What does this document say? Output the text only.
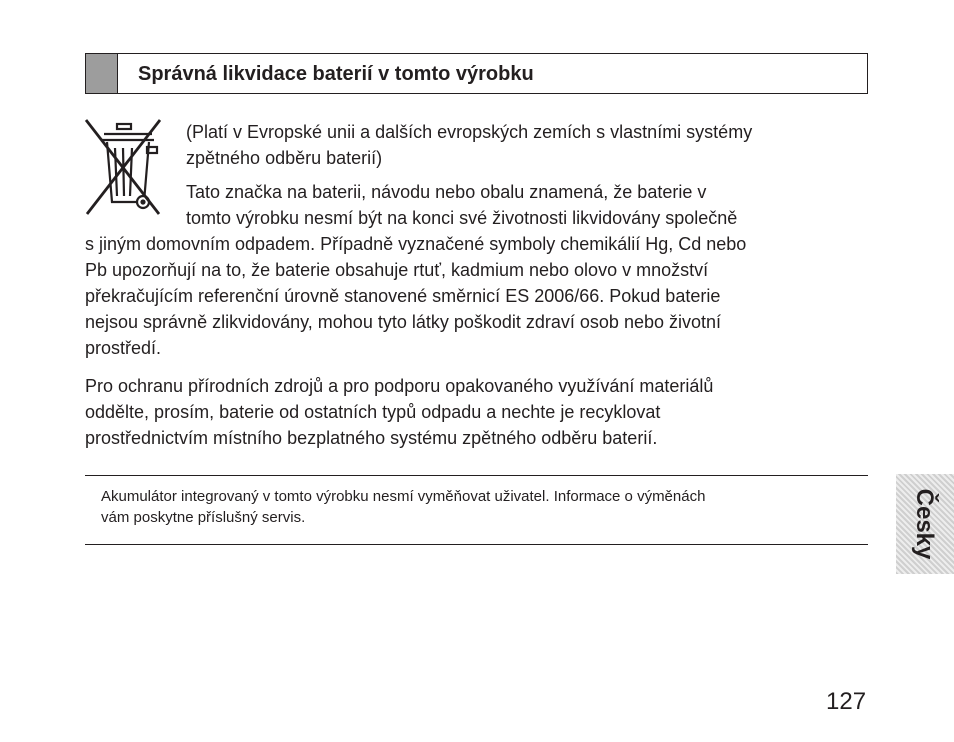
Správná likvidace baterií v tomto výrobku
(Platí v Evropské unii a dalších evropských zemích s vlastními systémy
zpětného odběru baterií)
Tato značka na baterii, návodu nebo obalu znamená, že baterie v
tomto výrobku nesmí být na konci své životnosti likvidovány společně
s jiným domovním odpadem. Případně vyznačené symboly chemikálií Hg, Cd nebo
Pb upozorňují na to, že baterie obsahuje rtuť, kadmium nebo olovo v množství
překračujícím referenční úrovně stanovené směrnicí ES 2006/66. Pokud baterie
nejsou správně zlikvidovány, mohou tyto látky poškodit zdraví osob nebo životní
prostředí.
Pro ochranu přírodních zdrojů a pro podporu opakovaného využívání materiálů
oddělte, prosím, baterie od ostatních typů odpadu a nechte je recyklovat
prostřednictvím místního bezplatného systému zpětného odběru baterií.
Akumulátor integrovaný v tomto výrobku nesmí vyměňovat uživatel. Informace o výměnách
vám poskytne příslušný servis.	Česky
127
